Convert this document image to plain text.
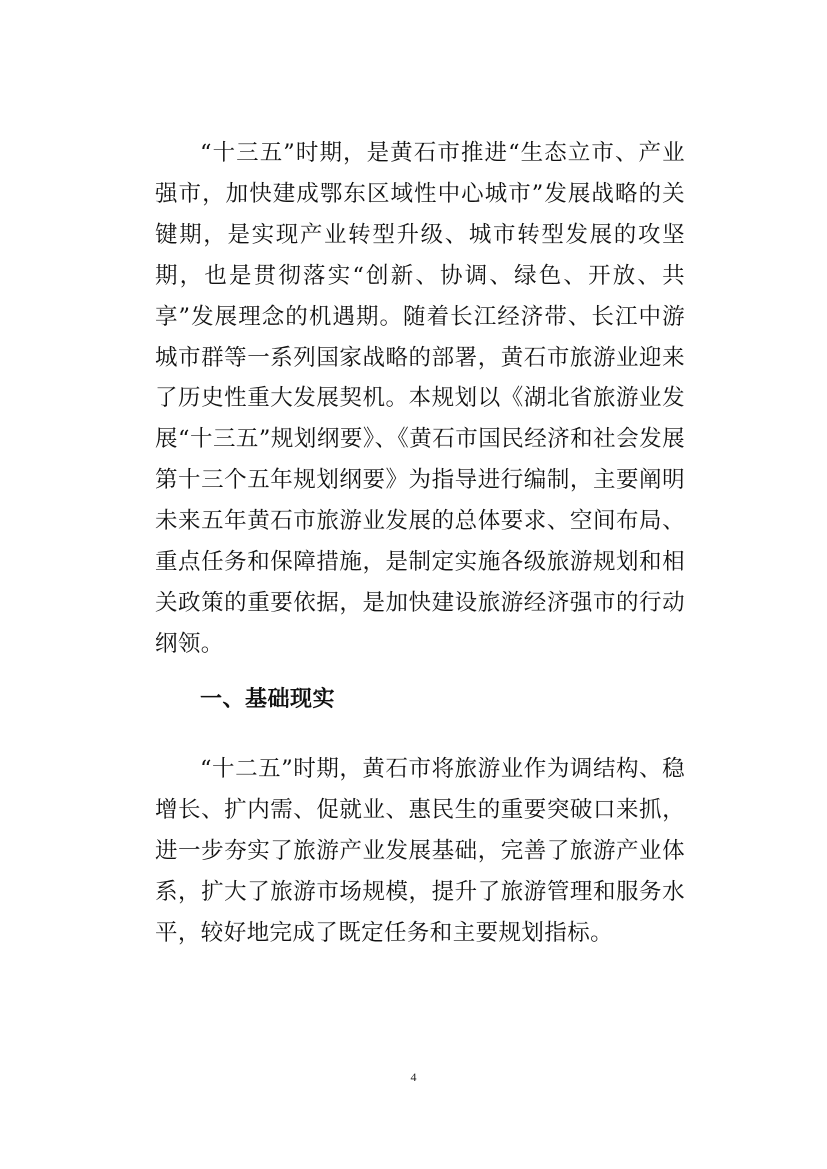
“十三五”时期，是黄石市推进“生态立市、产业强市，加快建成鄂东区域性中心城市”发展战略的关键期，是实现产业转型升级、城市转型发展的攻坚期，也是贯彻落实“创新、协调、绿色、开放、共享”发展理念的机遇期。随着长江经济带、长江中游城市群等一系列国家战略的部署，黄石市旅游业迎来了历史性重大发展契机。本规划以《湖北省旅游业发展“十三五”规划纲要》、《黄石市国民经济和社会发展第十三个五年规划纲要》为指导进行编制，主要阐明未来五年黄石市旅游业发展的总体要求、空间布局、重点任务和保障措施，是制定实施各级旅游规划和相关政策的重要依据，是加快建设旅游经济强市的行动纲领。

一、基础现实

“十二五”时期，黄石市将旅游业作为调结构、稳增长、扩内需、促就业、惠民生的重要突破口来抓，进一步夯实了旅游产业发展基础，完善了旅游产业体系，扩大了旅游市场规模，提升了旅游管理和服务水平，较好地完成了既定任务和主要规划指标。

4
